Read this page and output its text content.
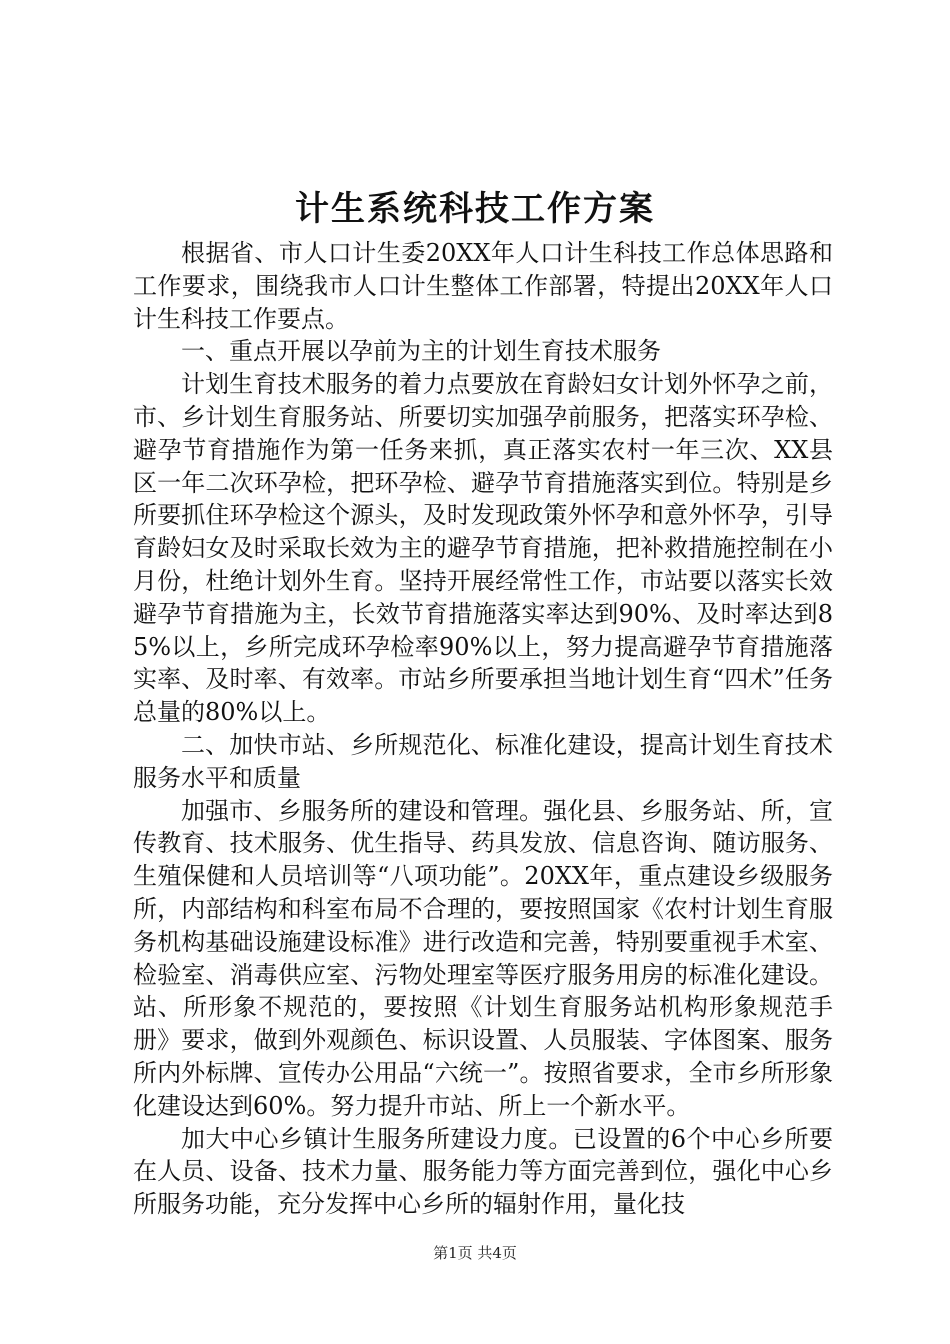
计生系统科技工作方案

根据省、市人口计生委20XX年人口计生科技工作总体思路和工作要求，围绕我市人口计生整体工作部署，特提出20XX年人口计生科技工作要点。

一、重点开展以孕前为主的计划生育技术服务

计划生育技术服务的着力点要放在育龄妇女计划外怀孕之前，市、乡计划生育服务站、所要切实加强孕前服务，把落实环孕检、避孕节育措施作为第一任务来抓，真正落实农村一年三次、XX县区一年二次环孕检，把环孕检、避孕节育措施落实到位。特别是乡所要抓住环孕检这个源头，及时发现政策外怀孕和意外怀孕，引导育龄妇女及时采取长效为主的避孕节育措施，把补救措施控制在小月份，杜绝计划外生育。坚持开展经常性工作，市站要以落实长效避孕节育措施为主，长效节育措施落实率达到90%、及时率达到85%以上，乡所完成环孕检率90%以上，努力提高避孕节育措施落实率、及时率、有效率。市站乡所要承担当地计划生育“四术”任务总量的80%以上。

二、加快市站、乡所规范化、标准化建设，提高计划生育技术服务水平和质量

加强市、乡服务所的建设和管理。强化县、乡服务站、所，宣传教育、技术服务、优生指导、药具发放、信息咨询、随访服务、生殖保健和人员培训等“八项功能”。20XX年，重点建设乡级服务所，内部结构和科室布局不合理的，要按照国家《农村计划生育服务机构基础设施建设标准》进行改造和完善，特别要重视手术室、检验室、消毒供应室、污物处理室等医疗服务用房的标准化建设。站、所形象不规范的，要按照《计划生育服务站机构形象规范手册》要求，做到外观颜色、标识设置、人员服装、字体图案、服务所内外标牌、宣传办公用品“六统一”。按照省要求，全市乡所形象化建设达到60%。努力提升市站、所上一个新水平。

加大中心乡镇计生服务所建设力度。已设置的6个中心乡所要在人员、设备、技术力量、服务能力等方面完善到位，强化中心乡所服务功能，充分发挥中心乡所的辐射作用，量化技

第1页 共4页
